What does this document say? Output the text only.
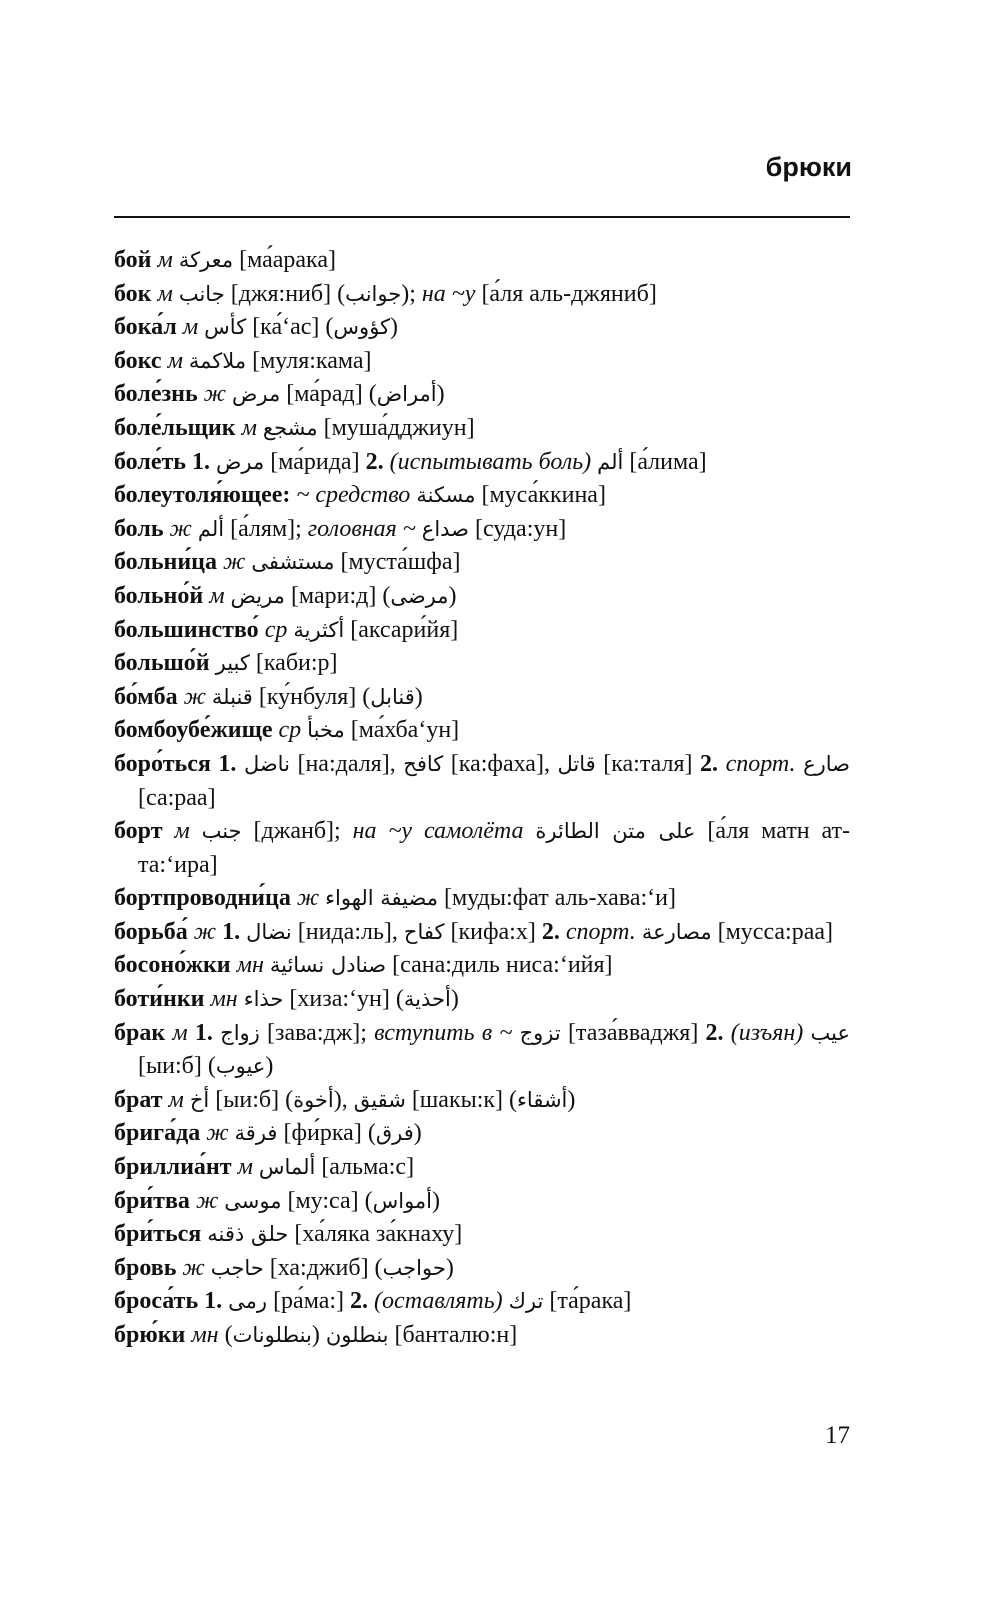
брюки
бой м معركة [ма́арака]
бок м جانب [джя:ниб] (جوانب); на ~у [а́ля аль-джяниб]
бока́л м كأس [ка́‘ас] (كؤوس)
бокс м ملاكمة [муля:кама]
боле́знь ж مرض [ма́рад] (أمراض)
боле́льщик м مشجع [муша́дджиун]
боле́ть 1. مرض [ма́рида] 2. (испытывать боль) ألم [а́лима]
болеутоля́ющее: ~ средство مسكنة [муса́ккина]
боль ж ألم [а́лям]; головная ~ صداع [суда:ун]
больни́ца ж مستشفى [муста́шфа]
больно́й м مريض [мари:д] (مرضى)
большинство́ ср أكثرية [аксари́йя]
большо́й كبير [каби:р]
бо́мба ж قنبلة [ку́нбуля] (قنابل)
бомбоубе́жище ср مخبأ [ма́хба‘ун]
боро́ться 1. ناضل [на:даля], كافح [ка:фаха], قاتل [ка:таля] 2. спорт. صارع [са:раа]
борт м جنب [джанб]; на ~у самолёта على متن الطائرة [а́ля матн ат-та:‘ира]
бортпроводни́ца ж مضيفة الهواء [муды:фат аль-хава:‘и]
борьба́ ж 1. نضال [нида:ль], كفاح [кифа:х] 2. спорт. مصارعة [мусса:раа]
босоно́жки мн صنادل نسائية [сана:диль ниса:‘ийя]
боти́нки мн حذاء [хиза:‘ун] (أحذية)
брак м 1. زواج [зава:дж]; вступить в ~ تزوج [таза́вваджя] 2. (изъян) عيب [ыи:б] (عيوب)
брат м أخ [ыи:б] (أخوة), شقيق [шакы:к] (أشقاء)
брига́да ж فرقة [фи́рка] (فرق)
бриллиа́нт м ألماس [альма:с]
бри́тва ж موسى [му:са] (أمواس)
бри́ться حلق ذقنه [ха́ляка за́кнаху]
бровь ж حاجب [ха:джиб] (حواجب)
броса́ть 1. رمى [ра́ма:] 2. (оставлять) ترك [та́рака]
брю́ки мн (بنطلونات) بنطلون [банталю:н]
17
